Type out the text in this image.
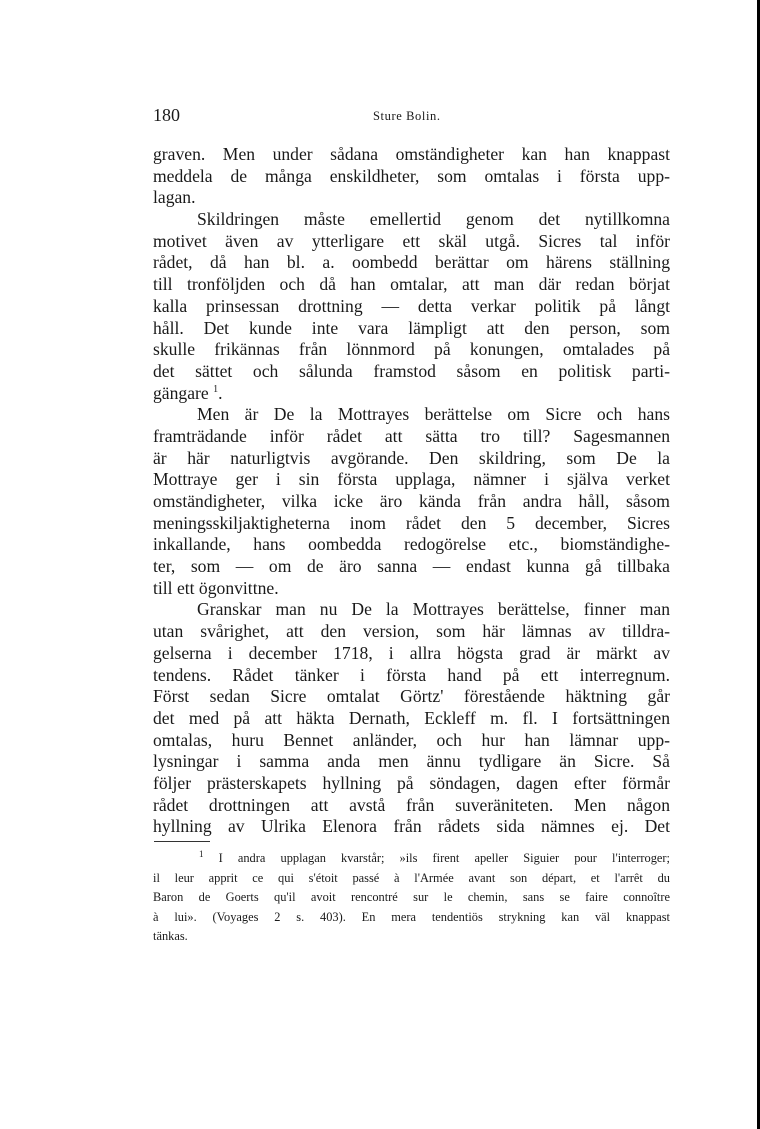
180	Sture Bolin.
graven. Men under sådana omständigheter kan han knappast
meddela de många enskildheter, som omtalas i första upp-
lagan.
Skildringen måste emellertid genom det nytillkomna
motivet även av ytterligare ett skäl utgå. Sicres tal inför
rådet, då han bl. a. oombedd berättar om härens ställning
till tronföljden och då han omtalar, att man där redan börjat
kalla prinsessan drottning — detta verkar politik på långt
håll. Det kunde inte vara lämpligt att den person, som
skulle frikännas från lönnmord på konungen, omtalades på
det sättet och sålunda framstod såsom en politisk parti-
gängare $^1$.
Men är De la Mottrayes berättelse om Sicre och hans
framträdande inför rådet att sätta tro till? Sagesmannen
är här naturligtvis avgörande. Den skildring, som De la
Mottraye ger i sin första upplaga, nämner i själva verket
omständigheter, vilka icke äro kända från andra håll, såsom
meningsskiljaktigheterna inom rådet den 5 december, Sicres
inkallande, hans oombedda redogörelse etc., biomständighe-
ter, som — om de äro sanna — endast kunna gå tillbaka
till ett ögonvittne.
Granskar man nu De la Mottrayes berättelse, finner man
utan svårighet, att den version, som här lämnas av tilldra-
gelserna i december 1718, i allra högsta grad är märkt av
tendens. Rådet tänker i första hand på ett interregnum.
Först sedan Sicre omtalat Görtz' förestående häktning går
det med på att häkta Dernath, Eckleff m. fl. I fortsättningen
omtalas, huru Bennet anländer, och hur han lämnar upp-
lysningar i samma anda men ännu tydligare än Sicre. Så
följer prästerskapets hyllning på söndagen, dagen efter förmår
rådet drottningen att avstå från suveräniteten. Men någon
hyllning av Ulrika Elenora från rådets sida nämnes ej. Det
$^1$ I andra upplagan kvarstår; »ils firent apeller Siguier pour l'interroger;
il leur apprit ce qui s'étoit passé à l'Armée avant son départ, et l'arrêt du
Baron de Goerts qu'il avoit rencontré sur le chemin, sans se faire connoître
à lui». (Voyages 2 s. 403). En mera tendentiös strykning kan väl knappast
tänkas.
